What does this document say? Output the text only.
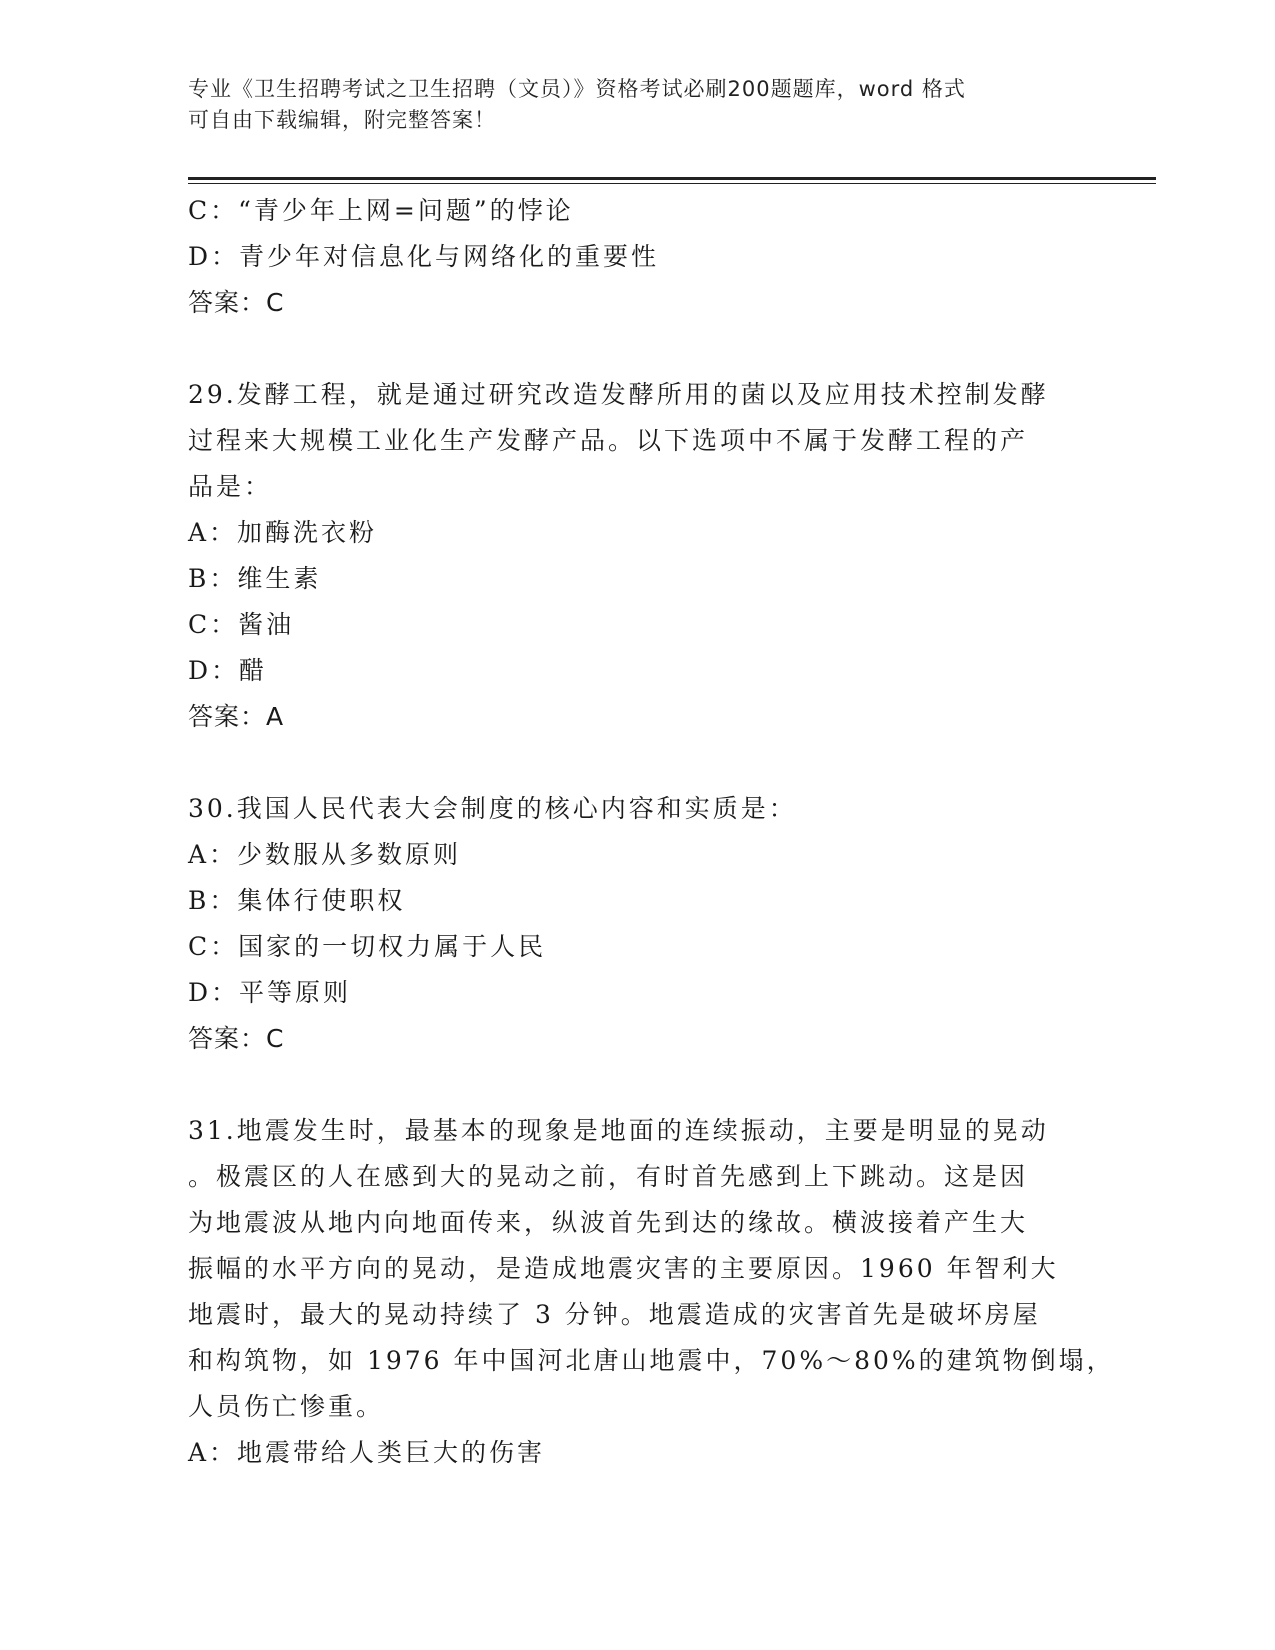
专业《卫生招聘考试之卫生招聘（文员）》资格考试必刷200题题库，word 格式
可自由下载编辑，附完整答案！
C：“青少年上网=问题”的悖论
D：青少年对信息化与网络化的重要性
答案：C
29.发酵工程，就是通过研究改造发酵所用的菌以及应用技术控制发酵
过程来大规模工业化生产发酵产品。以下选项中不属于发酵工程的产
品是：
A：加酶洗衣粉
B：维生素
C：酱油
D：醋
答案：A
30.我国人民代表大会制度的核心内容和实质是：
A：少数服从多数原则
B：集体行使职权
C：国家的一切权力属于人民
D：平等原则
答案：C
31.地震发生时，最基本的现象是地面的连续振动，主要是明显的晃动
。极震区的人在感到大的晃动之前，有时首先感到上下跳动。这是因
为地震波从地内向地面传来，纵波首先到达的缘故。横波接着产生大
振幅的水平方向的晃动，是造成地震灾害的主要原因。1960 年智利大
地震时，最大的晃动持续了 3 分钟。地震造成的灾害首先是破坏房屋
和构筑物，如 1976 年中国河北唐山地震中，70%～80%的建筑物倒塌，
人员伤亡惨重。
A：地震带给人类巨大的伤害
